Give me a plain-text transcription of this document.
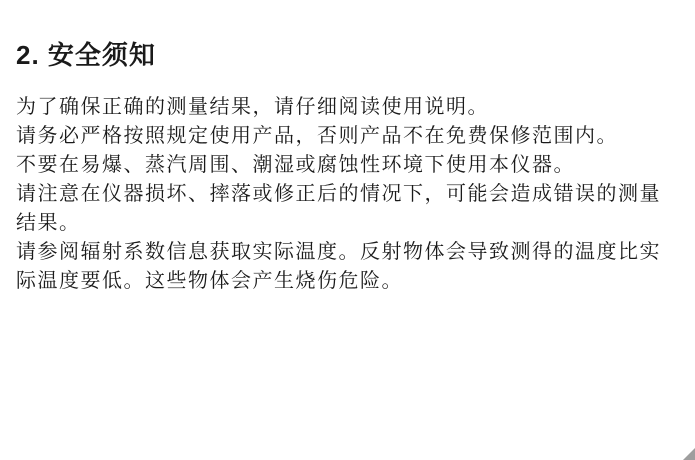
2. 安全须知
为了确保正确的测量结果，请仔细阅读使用说明。
请务必严格按照规定使用产品，否则产品不在免费保修范围内。
不要在易爆、蒸汽周围、潮湿或腐蚀性环境下使用本仪器。
请注意在仪器损坏、摔落或修正后的情况下，可能会造成错误的测量
结果。
请参阅辐射系数信息获取实际温度。反射物体会导致测得的温度比实
际温度要低。这些物体会产生烧伤危险。
